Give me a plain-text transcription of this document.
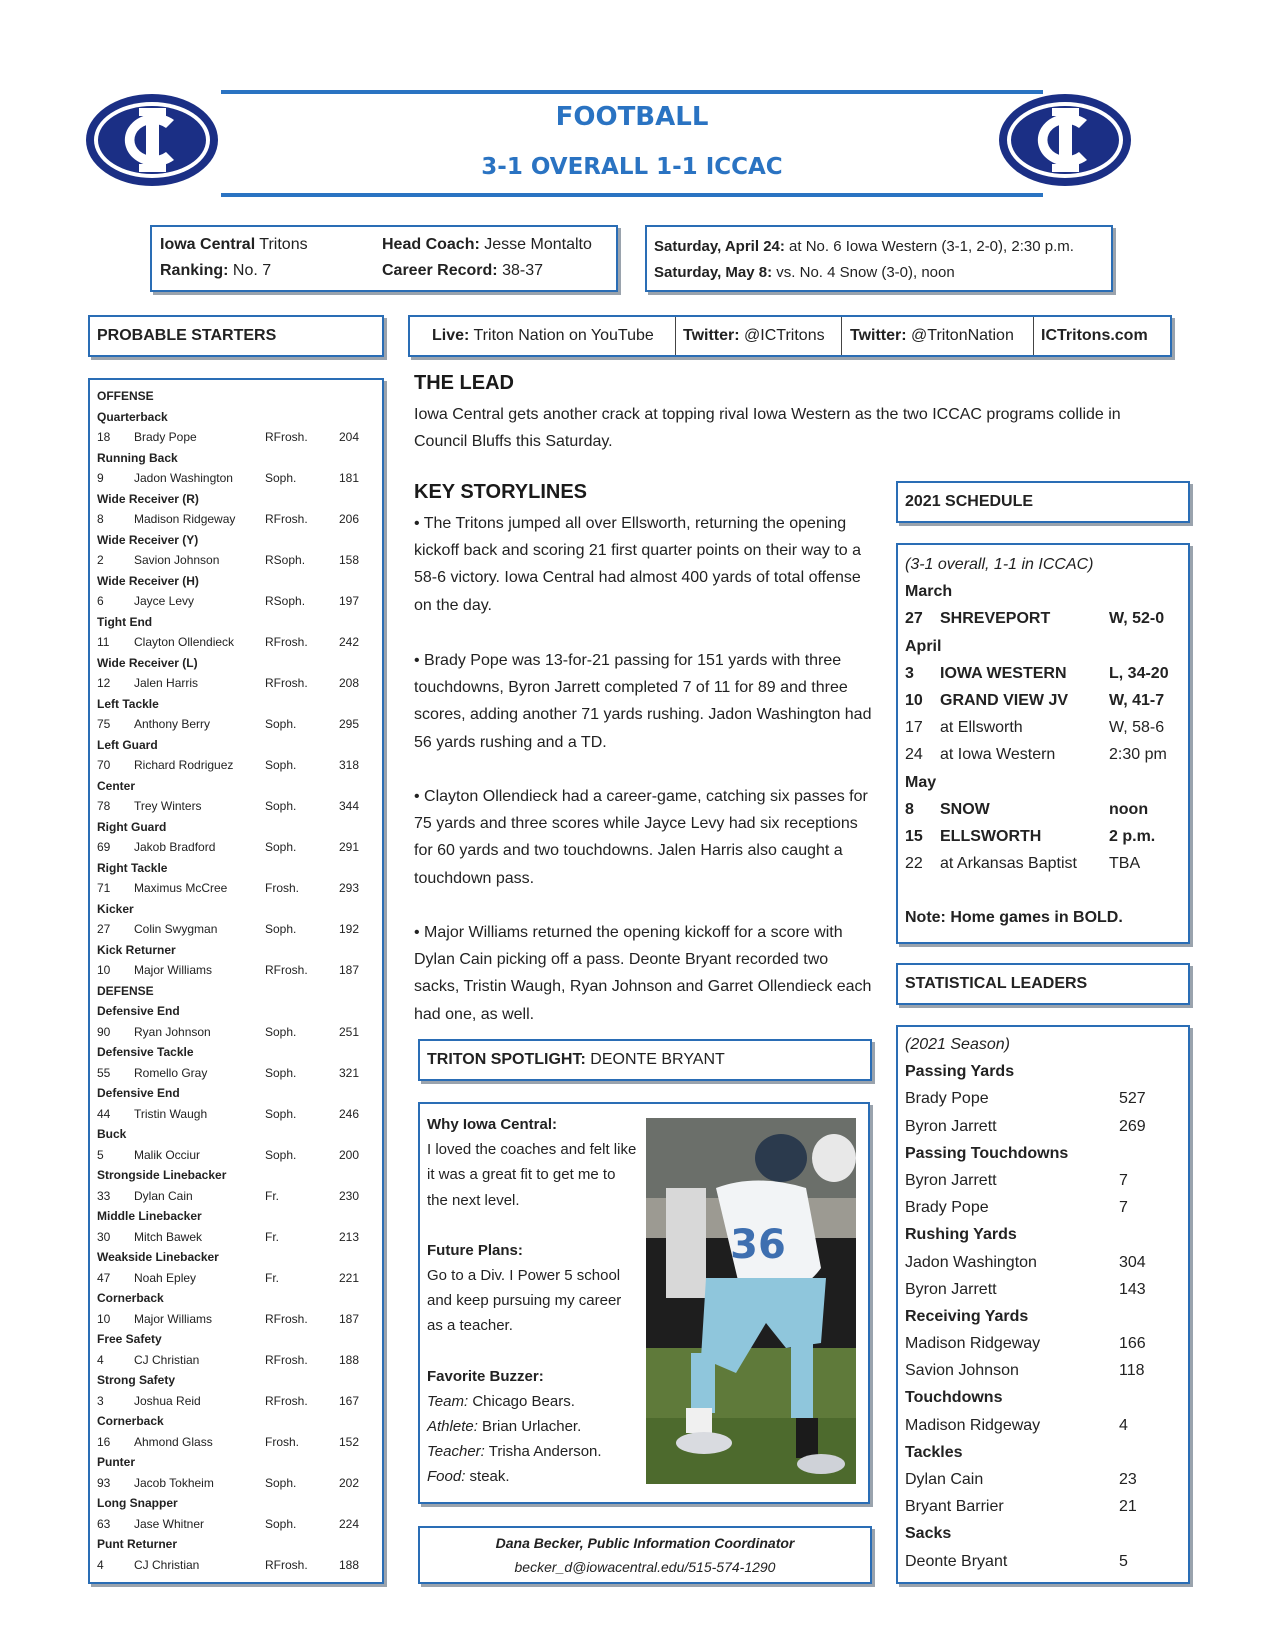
FOOTBALL
3-1 OVERALL 1-1 ICCAC
Iowa Central Tritons
Ranking: No. 7
Head Coach: Jesse Montalto
Career Record: 38-37
Saturday, April 24: at No. 6 Iowa Western (3-1, 2-0), 2:30 p.m.
Saturday, May 8: vs. No. 4 Snow (3-0), noon
PROBABLE STARTERS	Live: Triton Nation on YouTube Twitter: @ICTritons Twitter: @TritonNation ICTritons.com
OFFENSE
Quarterback
18 Brady Pope	RFrosh.	204
Running Back
9	Jadon Washington	Soph.	181
Wide Receiver (R)
8	Madison Ridgeway RFrosh.	206
Wide Receiver (Y)
2	Savion Johnson	RSoph.	158
Wide Receiver (H)
6	Jayce Levy	RSoph.	197
Tight End
11 Clayton Ollendieck	RFrosh.	242
Wide Receiver (L)
12 Jalen Harris	RFrosh.	208
Left Tackle
75 Anthony Berry	Soph.	295
Left Guard
70 Richard Rodriguez	Soph.	318
Center
78 Trey Winters	Soph.	344
Right Guard
69 Jakob Bradford	Soph.	291
Right Tackle
71 Maximus McCree	Frosh.	293
Kicker
27 Colin Swygman	Soph.	192
Kick Returner
10 Major Williams	RFrosh.	187
DEFENSE
Defensive End
90 Ryan Johnson	Soph.	251
Defensive Tackle
55 Romello Gray	Soph.	321
Defensive End
44 Tristin Waugh	Soph.	246
Buck
5	Malik Occiur	Soph.	200
Strongside Linebacker
33 Dylan Cain	Fr.	230
Middle Linebacker
30 Mitch Bawek	Fr.	213
Weakside Linebacker
47 Noah Epley	Fr.	221
Cornerback
10 Major Williams	RFrosh.	187
Free Safety
4	CJ Christian	RFrosh.	188
Strong Safety
3	Joshua Reid	RFrosh.	167
Cornerback
16 Ahmond Glass	Frosh.	152
Punter
93 Jacob Tokheim	Soph.	202
Long Snapper
63 Jase Whitner	Soph.	224
Punt Returner
4	CJ Christian	RFrosh.	188
THE LEAD
Iowa Central gets another crack at topping rival Iowa Western as the two ICCAC programs collide in Council Bluffs this Saturday.
KEY STORYLINES
• The Tritons jumped all over Ellsworth, returning the opening kickoff back and scoring 21 first quarter points on their way to a 58-6 victory. Iowa Central had almost 400 yards of total offense on the day.
• Brady Pope was 13-for-21 passing for 151 yards with three touchdowns, Byron Jarrett completed 7 of 11 for 89 and three scores, adding another 71 yards rushing. Jadon Washington had 56 yards rushing and a TD.
• Clayton Ollendieck had a career-game, catching six passes for 75 yards and three scores while Jayce Levy had six receptions for 60 yards and two touchdowns. Jalen Harris also caught a touchdown pass.
• Major Williams returned the opening kickoff for a score with Dylan Cain picking off a pass. Deonte Bryant recorded two sacks, Tristin Waugh, Ryan Johnson and Garret Ollendieck each had one, as well.
TRITON SPOTLIGHT: DEONTE BRYANT
Why Iowa Central:
I loved the coaches and felt like it was a great fit to get me to the next level.
Future Plans:
Go to a Div. I Power 5 school and keep pursuing my career as a teacher.
Favorite Buzzer:
Team: Chicago Bears.
Athlete: Brian Urlacher.
Teacher: Trisha Anderson.
Food: steak.
36
Dana Becker, Public Information Coordinator
becker_d@iowacentral.edu/515-574-1290
2021 SCHEDULE
(3-1 overall, 1-1 in ICCAC)
March
27 SHREVEPORT	W, 52-0
April
3 IOWA WESTERN	L, 34-20
10 GRAND VIEW JV	W, 41-7
17 at Ellsworth	W, 58-6
24 at Iowa Western	2:30 pm
May
8 SNOW	noon
15 ELLSWORTH	2 p.m.
22 at Arkansas Baptist TBA
Note: Home games in BOLD.
STATISTICAL LEADERS
(2021 Season)
Passing Yards
Brady Pope	527
Byron Jarrett	269
Passing Touchdowns
Byron Jarrett	7
Brady Pope	7
Rushing Yards
Jadon Washington	304
Byron Jarrett	143
Receiving Yards
Madison Ridgeway	166
Savion Johnson	118
Touchdowns
Madison Ridgeway	4
Tackles
Dylan Cain	23
Bryant Barrier	21
Sacks
Deonte Bryant	5
